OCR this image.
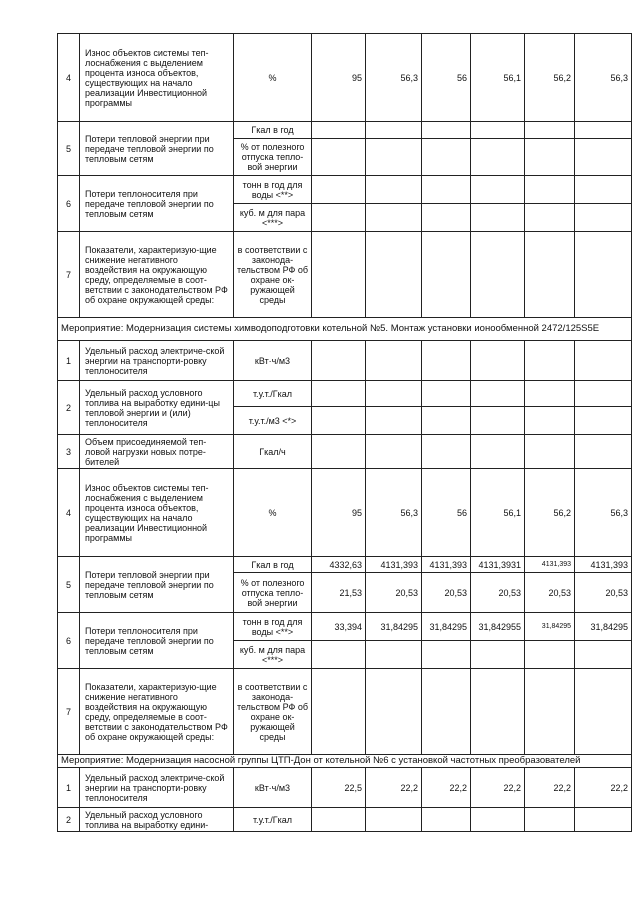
4	Износ объектов системы теп-лоснабжения с выделением процента износа объектов, существующих на начало реализации Инвестиционной программы	%	95	56,3	56	56,1	56,2	56,3
5	Потери тепловой энергии при передаче тепловой энергии по тепловым сетям	Гкал в год						
		% от полезного отпуска теплo-вой энергии						
6	Потери теплоносителя при передаче тепловой энергии по тепловым сетям	тонн в год для воды <**>						
		куб. м для пара <***>						
7	Показатели, характеризую-щие снижение негативного воздействия на окружающую среду, определяемые в соот-ветствии с законодательством РФ об охране окружающей среды:	в соответствии с законода-тельством РФ об охране ок-ружающей среды						
Мероприятие: Модернизация системы химводоподготовки котельной №5. Монтаж установки ионообменной 2472/125S5E								
1	Удельный расход электриче-ской энергии на транспорти-ровку теплоносителя	кВт·ч/м3						
2	Удельный расход условного топлива на выработку едини-цы тепловой энергии и (или) теплоносителя	т.у.т./Гкал						
		т.у.т./м3 <*>						
3	Объем присоединяемой теп-ловой нагрузки новых потре-бителей	Гкал/ч						
4	Износ объектов системы теп-лоснабжения с выделением процента износа объектов, существующих на начало реализации Инвестиционной программы	%	95	56,3	56	56,1	56,2	56,3
5	Потери тепловой энергии при передаче тепловой энергии по тепловым сетям	Гкал в год	4332,63	4131,393	4131,393	4131,3931	4131,393	4131,393
		% от полезного отпуска тепло-вой энергии	21,53	20,53	20,53	20,53	20,53	20,53
6	Потери теплоносителя при передаче тепловой энергии по тепловым сетям	тонн в год для воды <**>	33,394	31,84295	31,84295	31,842955	31,84295	31,84295
		куб. м для пара <***>						
7	Показатели, характеризую-щие снижение негативного воздействия на окружающую среду, определяемые в соот-ветствии с законодательством РФ об охране окружающей среды:	в соответствии с законода-тельством РФ об охране ок-ружающей среды						
Мероприятие: Модернизация насосной группы ЦТП-Дон от котельной №6 с установкой частотных преобразователей								
1	Удельный расход электриче-ской энергии на транспорти-ровку теплоносителя	кВт·ч/м3	22,5	22,2	22,2	22,2	22,2	22,2
2	Удельный расход условного топлива на выработку едини-	т.у.т./Гкал						
